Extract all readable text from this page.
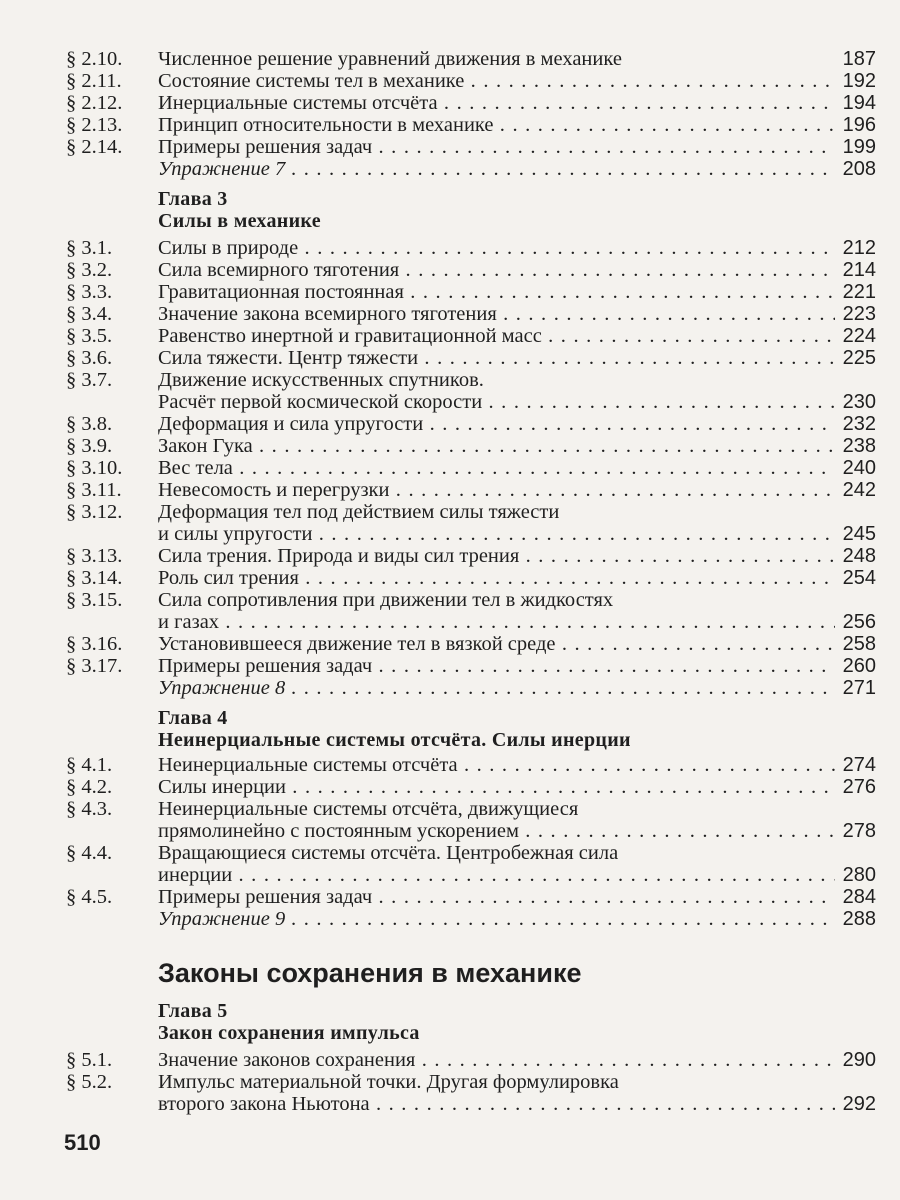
§ 2.10. Численное решение уравнений движения в механике	187
§ 2.11. Состояние системы тел в механике . . .	192
§ 2.12. Инерциальные системы отсчёта . . .	194
§ 2.13. Принцип относительности в механике . . .	196
§ 2.14. Примеры решения задач . . .	199
Упражнение 7 . . .	208
Глава 3
Силы в механике
§ 3.1. Силы в природе . . .	212
§ 3.2. Сила всемирного тяготения . . .	214
§ 3.3. Гравитационная постоянная . . .	221
§ 3.4. Значение закона всемирного тяготения . . .	223
§ 3.5. Равенство инертной и гравитационной масс . . .	224
§ 3.6. Сила тяжести. Центр тяжести . . .	225
§ 3.7. Движение искусственных спутников.
Расчёт первой космической скорости . . .	230
§ 3.8. Деформация и сила упругости . . .	232
§ 3.9. Закон Гука . . .	238
§ 3.10. Вес тела . . .	240
§ 3.11. Невесомость и перегрузки . . .	242
§ 3.12. Деформация тел под действием силы тяжести
и силы упругости . . .	245
§ 3.13. Сила трения. Природа и виды сил трения . . .	248
§ 3.14. Роль сил трения . . .	254
§ 3.15. Сила сопротивления при движении тел в жидкостях
и газах . . .	256
§ 3.16. Установившееся движение тел в вязкой среде . . .	258
§ 3.17. Примеры решения задач . . .	260
Упражнение 8 . . .	271
Глава 4
Неинерциальные системы отсчёта. Силы инерции
§ 4.1. Неинерциальные системы отсчёта . . .	274
§ 4.2. Силы инерции . . .	276
§ 4.3. Неинерциальные системы отсчёта, движущиеся
прямолинейно с постоянным ускорением . . .	278
§ 4.4. Вращающиеся системы отсчёта. Центробежная сила
инерции . . .	280
§ 4.5. Примеры решения задач . . .	284
Упражнение 9 . . .	288
Законы сохранения в механике
Глава 5
Закон сохранения импульса
§ 5.1. Значение законов сохранения . . .	290
§ 5.2. Импульс материальной точки. Другая формулировка
второго закона Ньютона . . .	292
510
